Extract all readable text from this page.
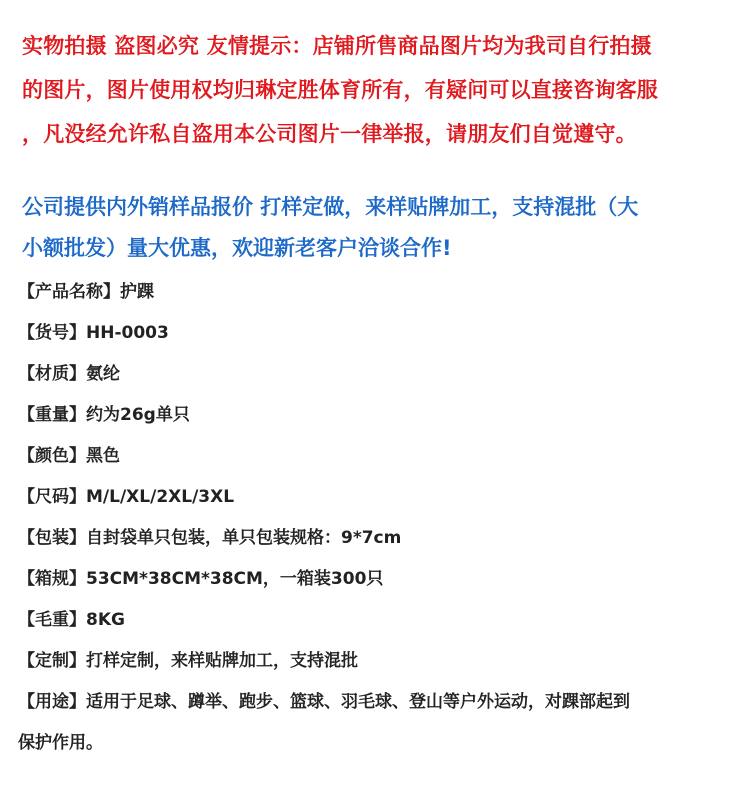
实物拍摄 盗图必究 友情提示：店铺所售商品图片均为我司自行拍摄

的图片，图片使用权均归琳定胜体育所有，有疑问可以直接咨询客服

，凡没经允许私自盗用本公司图片一律举报，请朋友们自觉遵守。

公司提供内外销样品报价 打样定做，来样贴牌加工，支持混批（大

小额批发）量大优惠，欢迎新老客户洽谈合作!

【 产品名称 】 护踝
【 货号 】 HH-0003
【 材质 】 氨纶
【 重量 】 约为26g单只
【 颜色 】 黑色
【 尺码 】 M/L/XL/2XL/3XL
【 包装 】 自封袋单只包装，单只包装规格：9*7cm
【 箱规 】 53CM*38CM*38CM，一箱装300只
【 毛重 】 8KG
【 定制 】 打样定制，来样贴牌加工，支持混批
【 用途 】 适用于足球、蹲举、跑步、篮球、羽毛球、登山等户外运动，对踝部起到
保护作用。
